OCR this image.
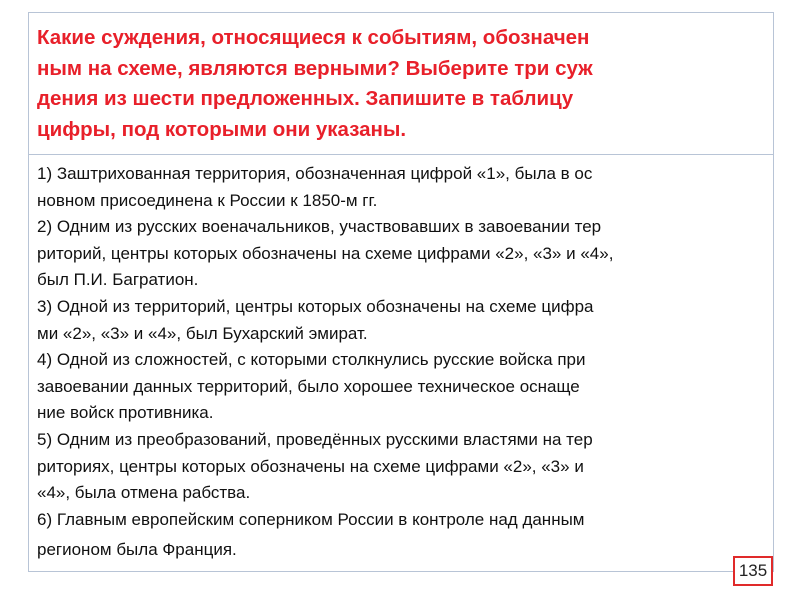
Какие суждения, относящиеся к событиям, обозначен
ным на схеме, являются верными? Выберите три суж
дения из шести предложенных. Запишите в таблицу
цифры, под которыми они указаны.
1) Заштрихованная территория, обозначенная цифрой «1», была в ос
новном присоединена к России к 1850-м гг.
2) Одним из русских военачальников, участвовавших в завоевании тер
риторий, центры которых обозначены на схеме цифрами «2», «3» и «4»,
был П.И. Багратион.
3) Одной из территорий, центры которых обозначены на схеме цифра
ми «2», «3» и «4», был Бухарский эмират.
4) Одной из сложностей, с которыми столкнулись русские войска при
завоевании данных территорий, было хорошее техническое оснаще
ние войск противника.
5) Одним из преобразований, проведённых русскими властями на тер
риториях, центры которых обозначены на схеме цифрами «2», «3» и
«4», была отмена рабства.
6) Главным европейским соперником России в контроле над данным
регионом была Франция.
135
